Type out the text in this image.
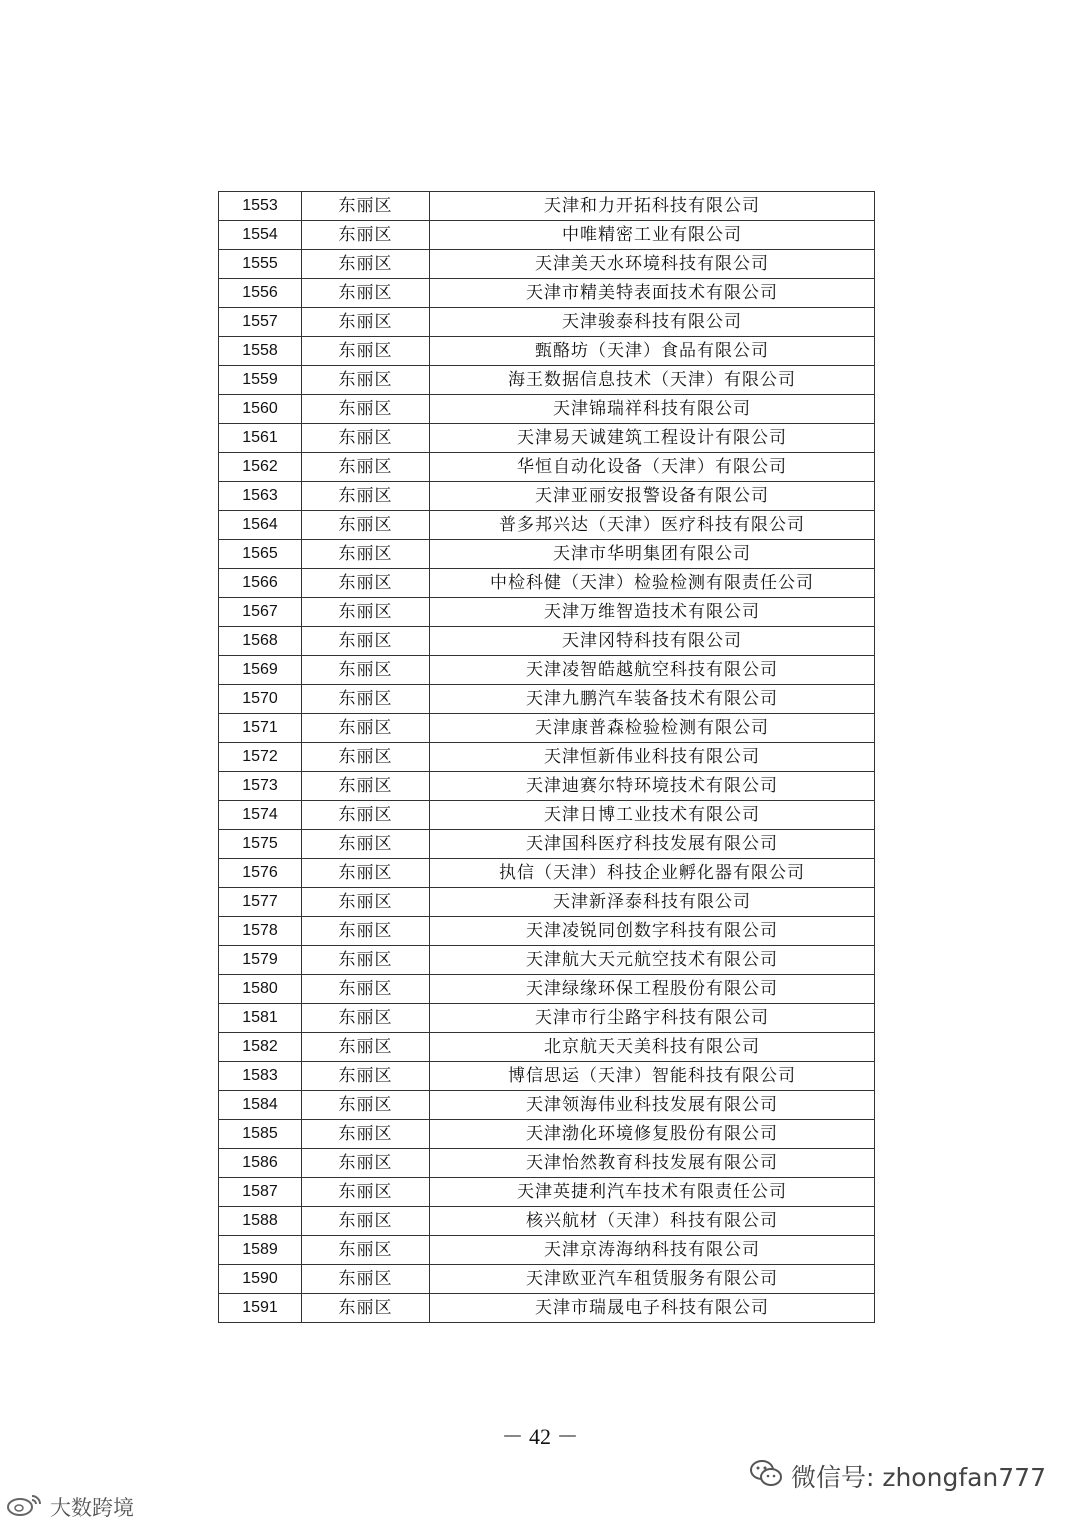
1553	东丽区	天津和力开拓科技有限公司
1554	东丽区	中唯精密工业有限公司
1555	东丽区	天津美天水环境科技有限公司
1556	东丽区	天津市精美特表面技术有限公司
1557	东丽区	天津骏泰科技有限公司
1558	东丽区	甄酪坊（天津）食品有限公司
1559	东丽区	海王数据信息技术（天津）有限公司
1560	东丽区	天津锦瑞祥科技有限公司
1561	东丽区	天津易天诚建筑工程设计有限公司
1562	东丽区	华恒自动化设备（天津）有限公司
1563	东丽区	天津亚丽安报警设备有限公司
1564	东丽区	普多邦兴达（天津）医疗科技有限公司
1565	东丽区	天津市华明集团有限公司
1566	东丽区	中检科健（天津）检验检测有限责任公司
1567	东丽区	天津万维智造技术有限公司
1568	东丽区	天津冈特科技有限公司
1569	东丽区	天津凌智皓越航空科技有限公司
1570	东丽区	天津九鹏汽车装备技术有限公司
1571	东丽区	天津康普森检验检测有限公司
1572	东丽区	天津恒新伟业科技有限公司
1573	东丽区	天津迪赛尔特环境技术有限公司
1574	东丽区	天津日博工业技术有限公司
1575	东丽区	天津国科医疗科技发展有限公司
1576	东丽区	执信（天津）科技企业孵化器有限公司
1577	东丽区	天津新泽泰科技有限公司
1578	东丽区	天津凌锐同创数字科技有限公司
1579	东丽区	天津航大天元航空技术有限公司
1580	东丽区	天津绿缘环保工程股份有限公司
1581	东丽区	天津市行尘路宇科技有限公司
1582	东丽区	北京航天天美科技有限公司
1583	东丽区	博信思运（天津）智能科技有限公司
1584	东丽区	天津领海伟业科技发展有限公司
1585	东丽区	天津渤化环境修复股份有限公司
1586	东丽区	天津怡然教育科技发展有限公司
1587	东丽区	天津英捷利汽车技术有限责任公司
1588	东丽区	核兴航材（天津）科技有限公司
1589	东丽区	天津京涛海纳科技有限公司
1590	东丽区	天津欧亚汽车租赁服务有限公司
1591	东丽区	天津市瑞晟电子科技有限公司
－ 42 －
微信号: zhongfan777
大数跨境
